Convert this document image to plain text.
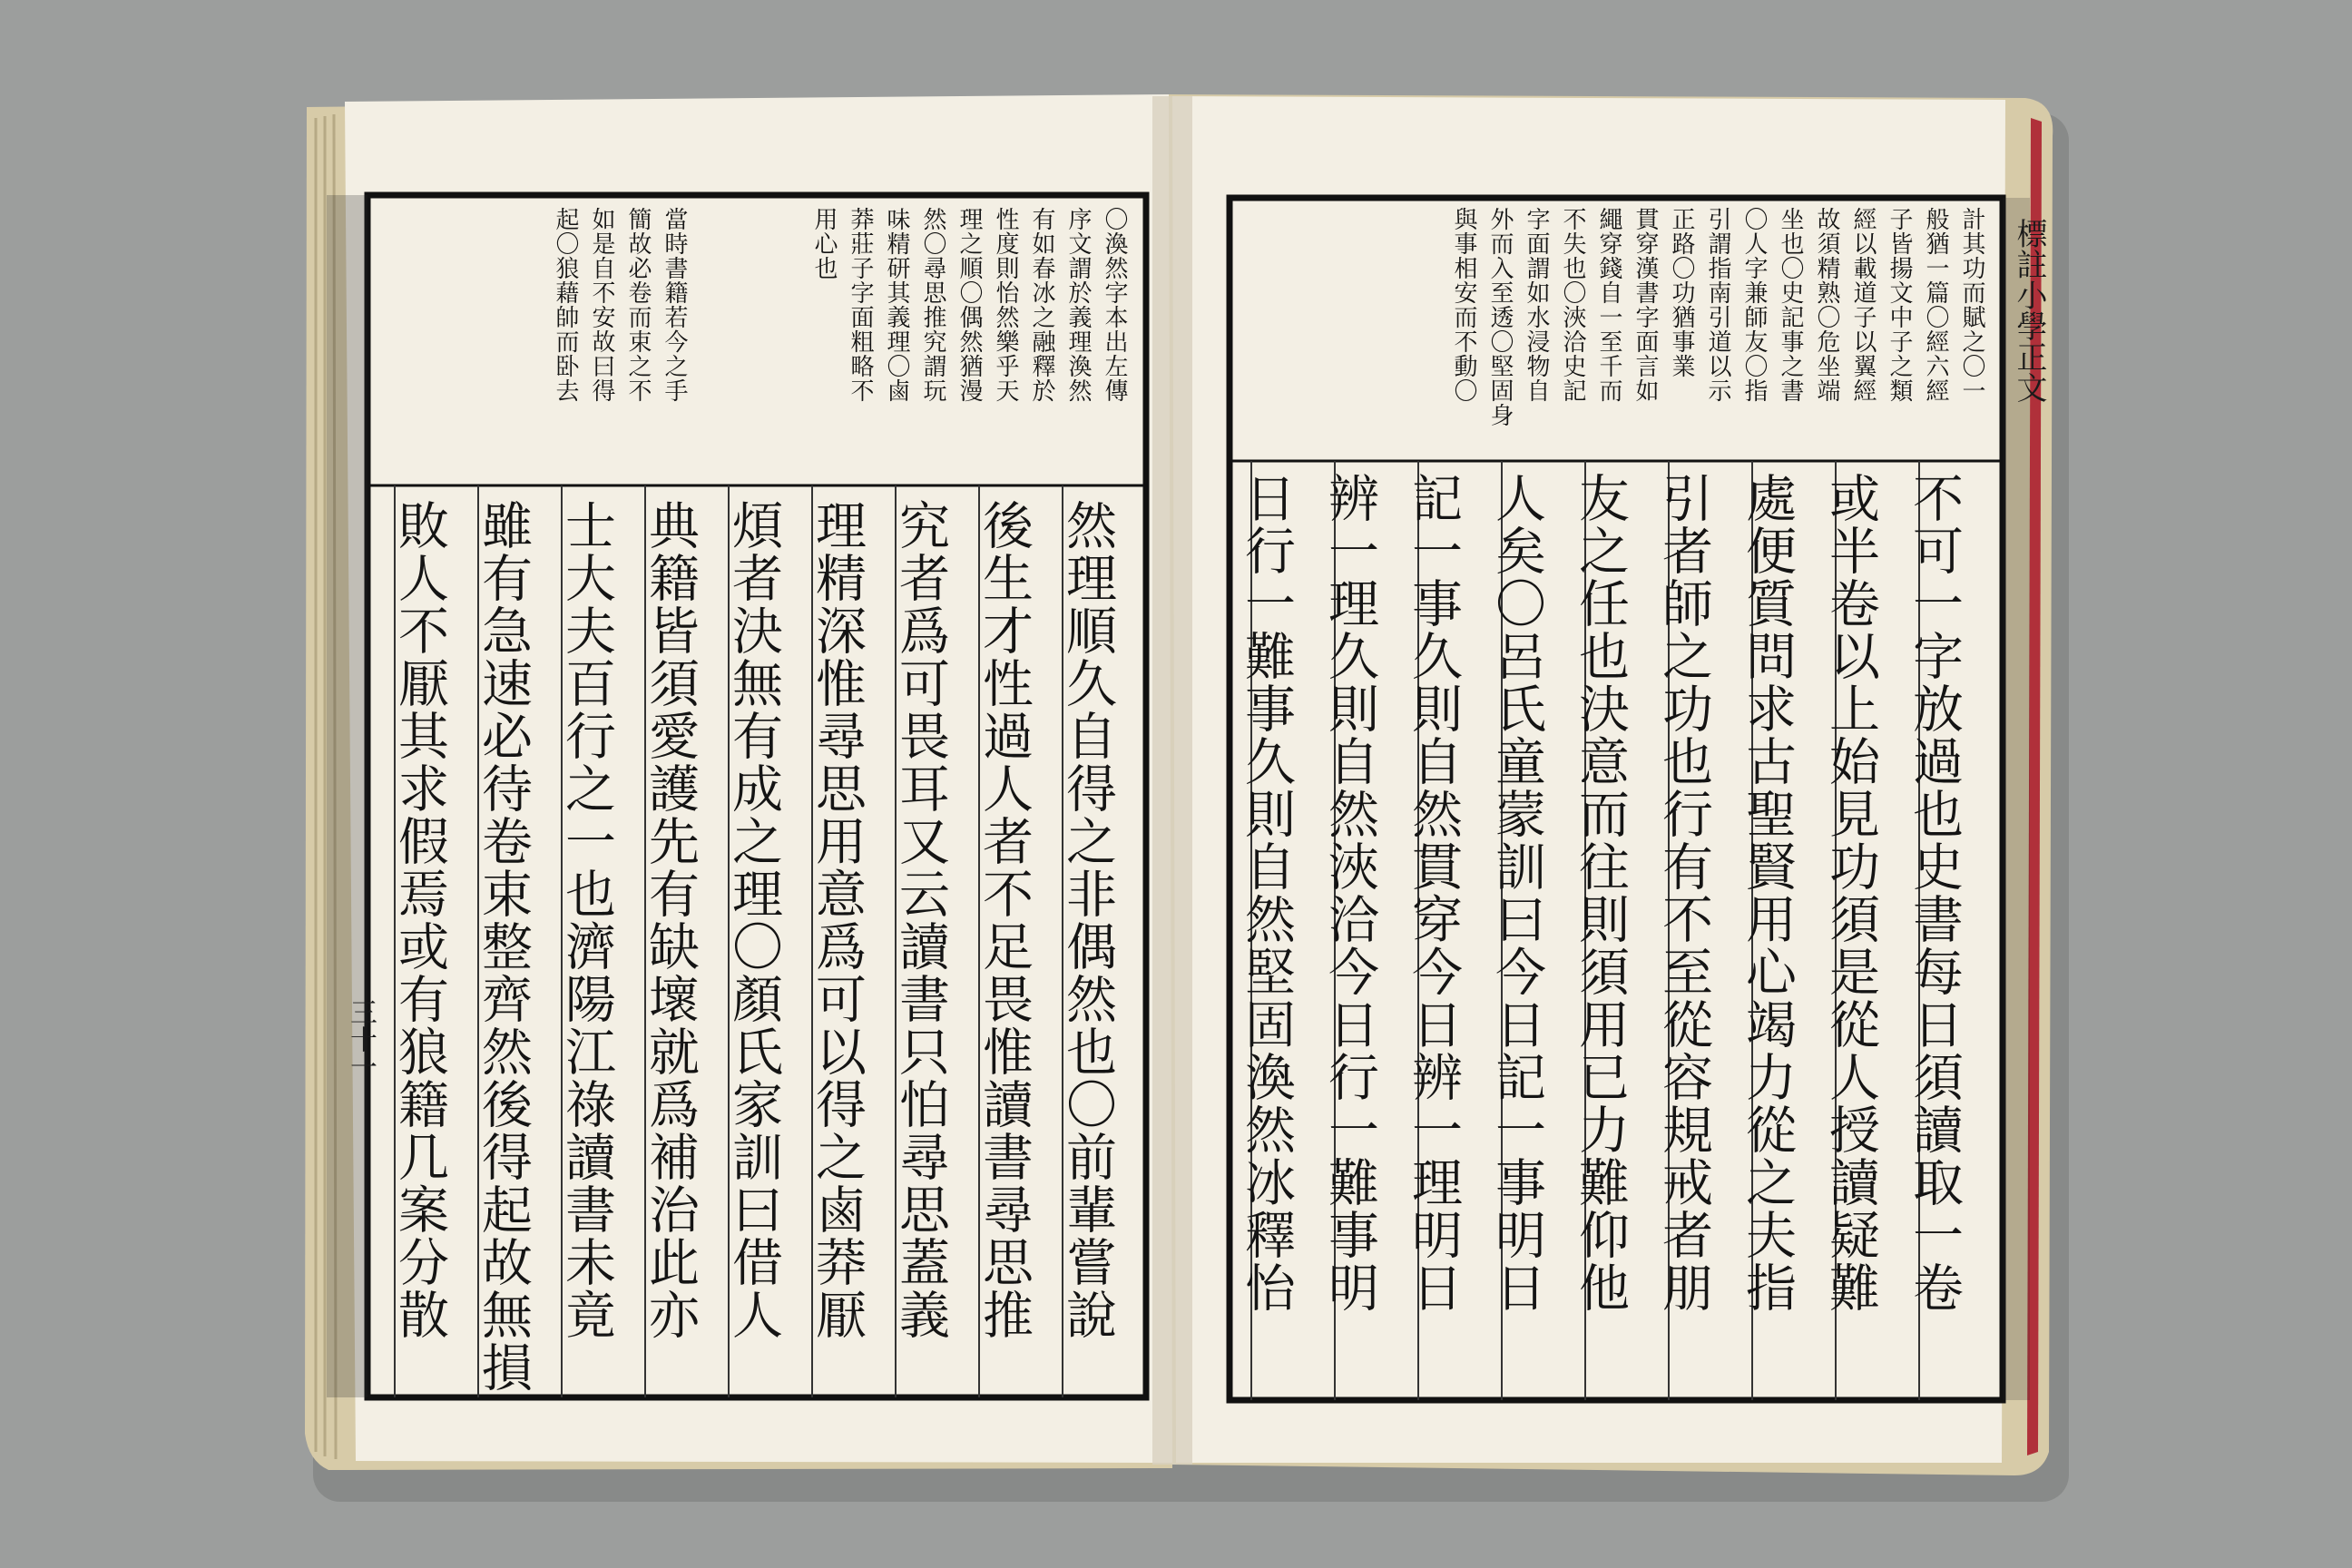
〇渙然字本出左傳
序文謂於義理渙然
有如春冰之融釋於
性度則怡然樂乎天
理之順〇偶然猶漫
然〇尋思推究謂玩
味精研其義理〇鹵
莽莊子字面粗略不
用心也
當時書籍若今之手
簡故必卷而束之不
如是自不安故曰得
起〇狼藉帥而卧去
然理順久自得之非偶然也〇前輩嘗說
後生才性過人者不足畏惟讀書尋思推
究者爲可畏耳又云讀書只怕尋思蓋義
理精深惟尋思用意爲可以得之鹵莽厭
煩者決無有成之理〇顏氏家訓曰借人
典籍皆須愛護先有缺壞就爲補治此亦
士大夫百行之一也濟陽江祿讀書未竟
雖有急速必待卷束整齊然後得起故無損
敗人不厭其求假焉或有狼籍几案分散
計其功而賦之〇一
般猶一篇〇經六經
子皆揚文中子之類
經以載道子以翼經
故須精熟〇危坐端
坐也〇史記事之書
〇人字兼師友〇指
引謂指南引道以示
正路〇功猶事業
貫穿漢書字面言如
繩穿錢自一至千而
不失也〇浹洽史記
字面謂如水浸物自
外而入至透〇堅固身
與事相安而不動〇
不可一字放過也史書每日須讀取一卷
或半卷以上始見功須是從人授讀疑難
處便質問求古聖賢用心竭力從之夫指
引者師之功也行有不至從容規戒者朋
友之任也決意而往則須用已力難仰他
人矣〇呂氏童蒙訓曰今日記一事明日
記一事久則自然貫穿今日辨一理明日
辨一理久則自然浹洽今日行一難事明
日行一難事久則自然堅固渙然冰釋怡
三十一
標註小學正文
